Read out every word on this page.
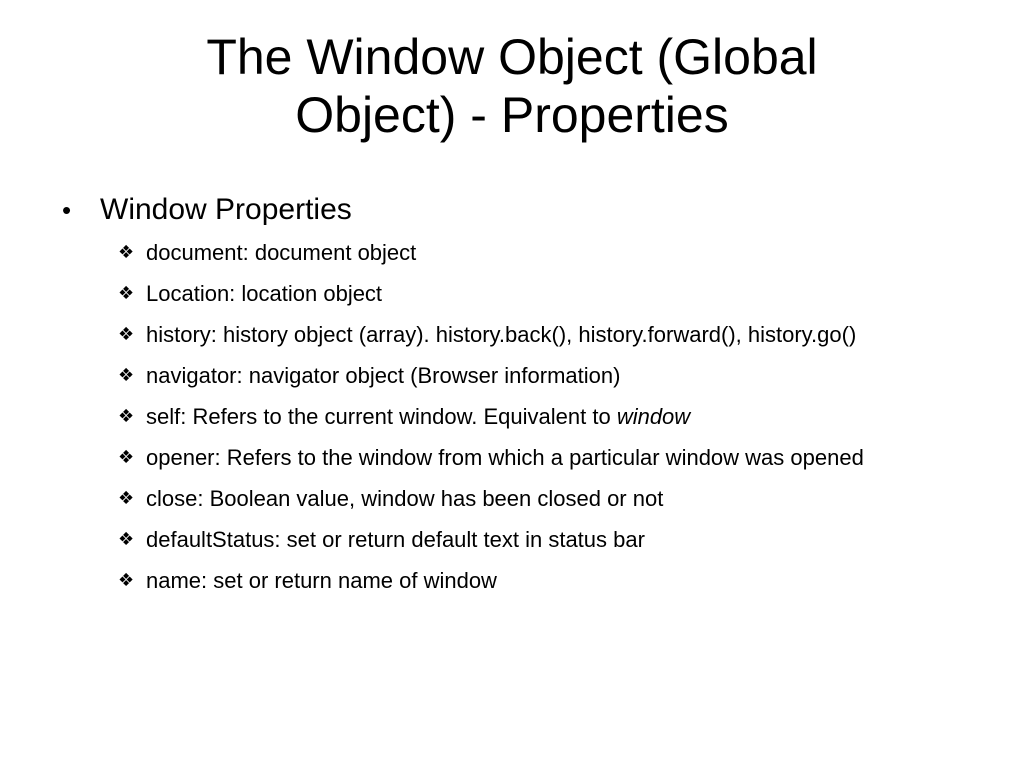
The Window Object (Global
Object) - Properties
• Window Properties
❖ document: document object
❖ Location: location object
❖ history: history object (array). history.back(), history.forward(), history.go()
❖ navigator: navigator object (Browser information)
❖ self: Refers to the current window. Equivalent to window
❖ opener: Refers to the window from which a particular window was opened
❖ close: Boolean value, window has been closed or not
❖ defaultStatus: set or return default text in status bar
❖ name: set or return name of window
